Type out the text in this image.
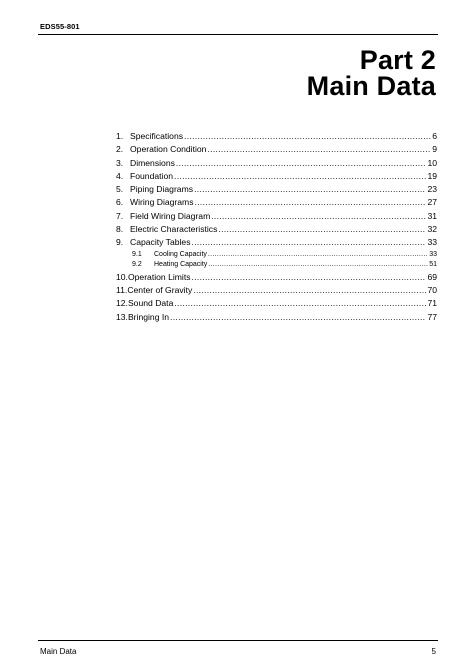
EDS55-801
Part 2
Main Data
1. Specifications .....	6
2. Operation Condition .....	9
3. Dimensions .....	10
4. Foundation .....	19
5. Piping Diagrams .....	23
6. Wiring Diagrams .....	27
7. Field Wiring Diagram .....	31
8. Electric Characteristics .....	32
9. Capacity Tables .....	33
9.1	Cooling Capacity .....	33
9.2	Heating Capacity .....	51
10. Operation Limits .....	69
11. Center of Gravity .....	70
12. Sound Data .....	71
13. Bringing In .....	77
Main Data	5
